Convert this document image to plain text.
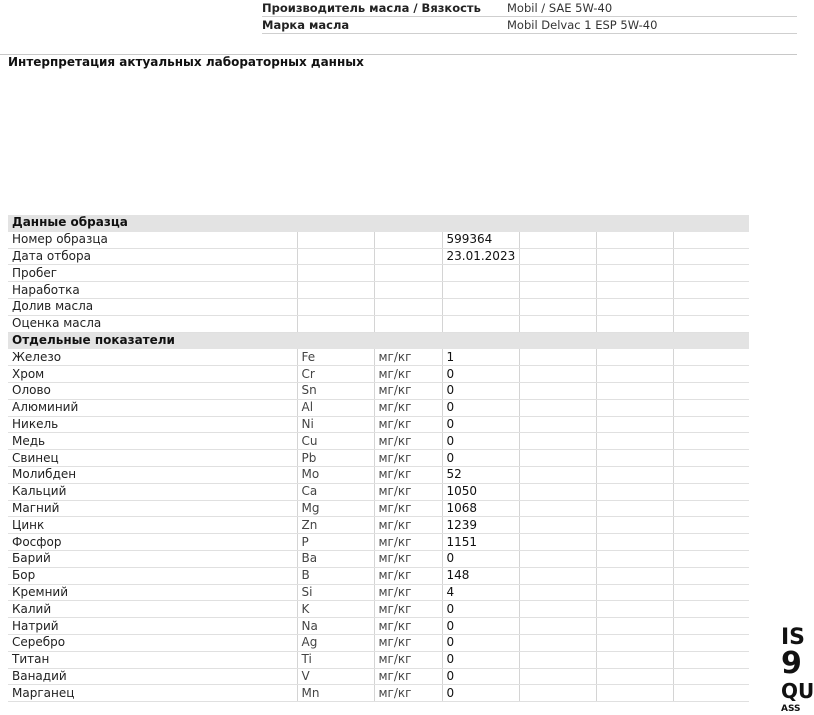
Производитель масла / Вязкость	Mobil / SAE 5W-40
Марка масла	Mobil Delvac 1 ESP 5W-40
Интерпретация актуальных лабораторных данных
Данные образца						
Номер образца			599364			
Дата отбора			23.01.2023			
Пробег						
Наработка						
Долив масла						
Оценка масла						
Отдельные показатели						
Железо	Fe	мг/кг	1			
Хром	Cr	мг/кг	0			
Олово	Sn	мг/кг	0			
Алюминий	Al	мг/кг	0			
Никель	Ni	мг/кг	0			
Медь	Cu	мг/кг	0			
Свинец	Pb	мг/кг	0			
Молибден	Mo	мг/кг	52			
Кальций	Ca	мг/кг	1050			
Магний	Mg	мг/кг	1068			
Цинк	Zn	мг/кг	1239			
Фосфор	P	мг/кг	1151			
Барий	Ba	мг/кг	0			
Бор	B	мг/кг	148			
Кремний	Si	мг/кг	4			
Калий	K	мг/кг	0			
Натрий	Na	мг/кг	0			
Серебро	Ag	мг/кг	0			
Титан	Ti	мг/кг	0			
Ванадий	V	мг/кг	0			
Марганец	Mn	мг/кг	0			
IS
9
QU
ASS
